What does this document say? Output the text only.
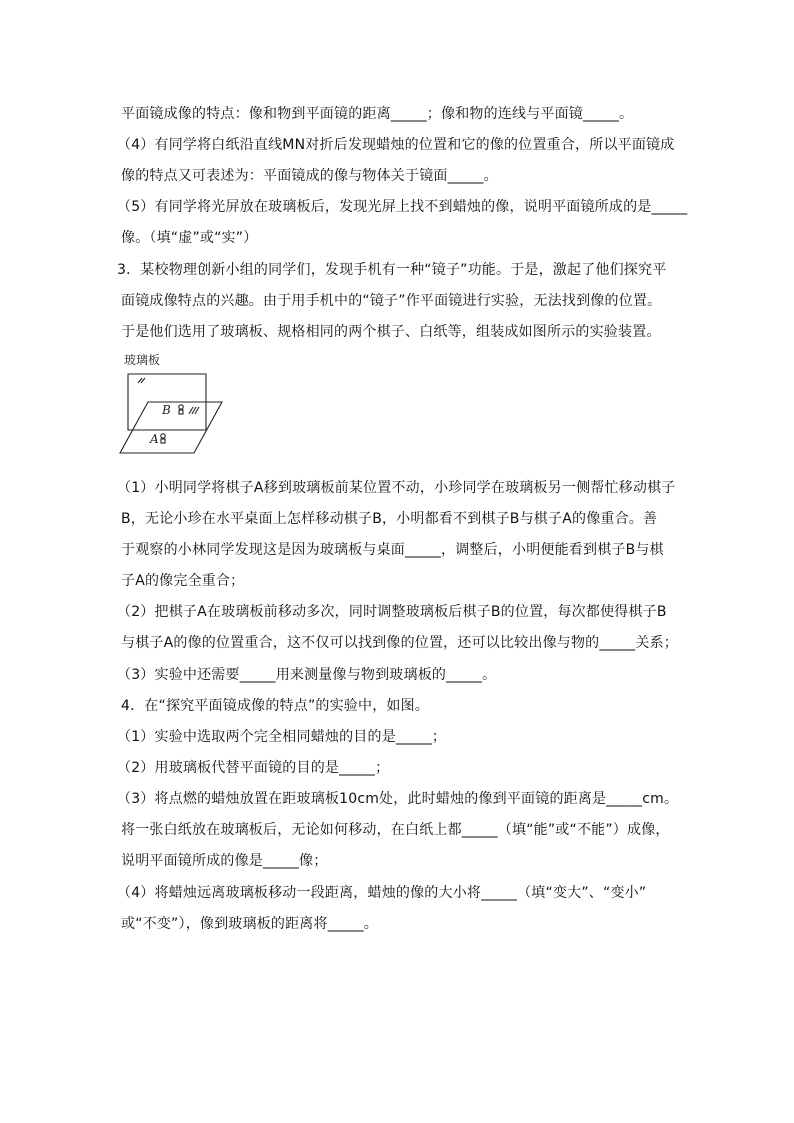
平面镜成像的特点：像和物到平面镜的距离_____；像和物的连线与平面镜_____。
（4）有同学将白纸沿直线MN对折后发现蜡烛的位置和它的像的位置重合，所以平面镜成
像的特点又可表述为：平面镜成的像与物体关于镜面_____。
（5）有同学将光屏放在玻璃板后，发现光屏上找不到蜡烛的像，说明平面镜所成的是_____
像。（填“虚”或“实”）
3．某校物理创新小组的同学们，发现手机有一种“镜子”功能。于是，激起了他们探究平
面镜成像特点的兴趣。由于用手机中的“镜子”作平面镜进行实验，无法找到像的位置。
于是他们选用了玻璃板、规格相同的两个棋子、白纸等，组装成如图所示的实验装置。
玻璃板
B
A
（1）小明同学将棋子A移到玻璃板前某位置不动，小珍同学在玻璃板另一侧帮忙移动棋子
B，无论小珍在水平桌面上怎样移动棋子B，小明都看不到棋子B与棋子A的像重合。善
于观察的小林同学发现这是因为玻璃板与桌面_____，调整后，小明便能看到棋子B与棋
子A的像完全重合；
（2）把棋子A在玻璃板前移动多次，同时调整玻璃板后棋子B的位置，每次都使得棋子B
与棋子A的像的位置重合，这不仅可以找到像的位置，还可以比较出像与物的_____关系；
（3）实验中还需要_____用来测量像与物到玻璃板的_____。
4．在“探究平面镜成像的特点”的实验中，如图。
（1）实验中选取两个完全相同蜡烛的目的是_____；
（2）用玻璃板代替平面镜的目的是_____；
（3）将点燃的蜡烛放置在距玻璃板10cm处，此时蜡烛的像到平面镜的距离是_____cm。
将一张白纸放在玻璃板后，无论如何移动，在白纸上都_____（填“能”或“不能”）成像，
说明平面镜所成的像是_____像；
（4）将蜡烛远离玻璃板移动一段距离，蜡烛的像的大小将_____（填“变大”、“变小”
或“不变”），像到玻璃板的距离将_____。
